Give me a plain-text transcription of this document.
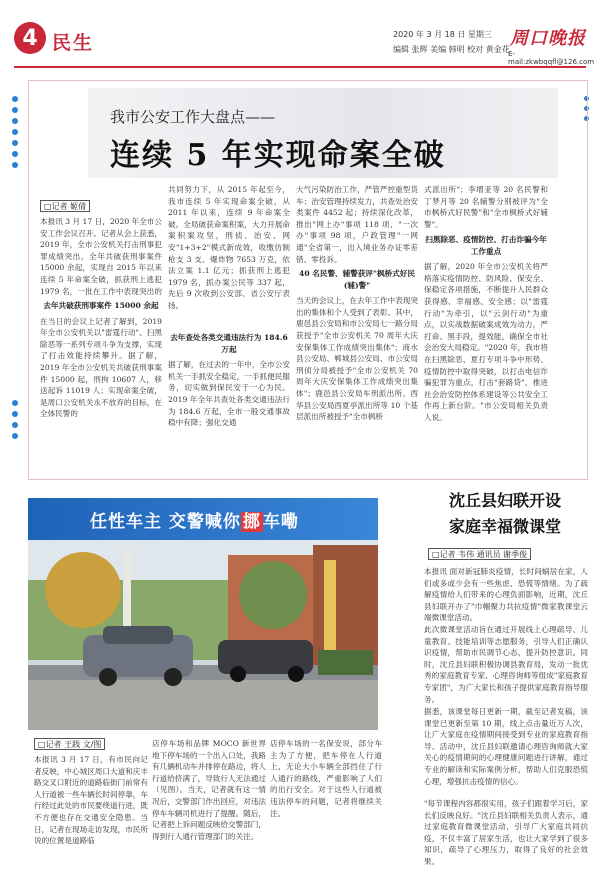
4 民生	2020 年 3 月 18 日 星期三
编辑 张辉 美编 韩明 校对 黄金花
周口晚报
E-mail:zkwbqqfl@126.com
我市公安工作大盘点——
连续 5 年实现命案全破
□记者 姬倩

本报讯 3 月 17 日，2020 年全市公安工作会议召开。记者从会上获悉，2019 年，全市公安机关打击刑事犯罪成绩突出，全年共破获刑事案件 15000 余起，实现自 2015 年以来连续 5 年命案全破，抓获刑上逃犯 1979 名，一批在工作中表现突出的

去年共破获刑事案件 15000 余起

在当日的会议上记者了解到，2019 年全市公安机关以"雷霆行动"、扫黑除恶等一系列专项斗争为支撑，实现了打击效能持续攀升。据了解，2019 年全市公安机关共破获刑事案件 15000 起，刑拘 10607 人，移送起诉 11019 人；实现命案全破，是周口公安机关永不放弃的目标，在全体民警的

共同努力下，从 2015 年起至今，我市连续 5 年实现命案全破，从 2011 年以来，连续 9 年命案全破。全局破获命案积案，大力开展命案积案攻坚，刑侦、治安、网安"1+3+2"模式新成效，收缴仿制枪支 3 支、爆炸物 7653 万克，依法立案 1.1 亿元；抓获刑上逃犯 1979 名，抓办案公民等 337 起，先后 9 次收到公安部、省公安厅表扬。

去年查处各类交通违法行为 184.6 万起

据了解，在过去的一年中，全市公安机关一手抓安全稳定，一手抓便民服务，切实做到保民安于一心为民。2019 年全年共查处各类交通违法行为 184.6 万起，全市一般交通事故稳中有降；强化交通

大气污染防治工作，严管严控重型货车；治安管理持续发力，共查处治安类案件 4452 起；持续深化改革，推出"网上办"事项 118 项、"一次办"事项 98 项，户政管理"一网通"全省第一，出入境业务办证零差错、零投诉。

40 名民警、辅警获评"枫桥式好民(辅)警"

当天的会议上，在去年工作中表现突出的集体和个人受到了表彰。其中，鹿邑县公安局和市公安局七一路分局获授予"全市公安机关 70 周年大庆安保集体工作成绩突出集体"；商水县公安局、郸城县公安局、市公安局刑侦分局被授予"全市公安机关 70 周年大庆安保集体工作成绩突出集体"；鹿邑县公安局车刑派出所、西华县公安局西夏亭派出所等 10 个基层派出所被授予"全市枫桥

式派出所"；李增亚等 20 名民警和丁梦月等 20 名辅警分别被评为"全市枫桥式好民警"和"全市枫桥式好辅警"。

扫黑除恶、疫情防控、打击诈骗今年工作重点

据了解，2020 年全市公安机关将严格落实疫情防控、防风险、保安全、保稳定各项措施，不断提升人民群众获得感、幸福感、安全感；以"雷霆行动"为牵引，以"云剑行动"为重点，以实战数据破案成效为动力，严打命、黑手段，提效能，确保全市社会治安大局稳定。"2020 年，我市将在扫黑除恶、夏打专项斗争中形势、疫情防控中取得突破，以打击电信诈骗犯罪为重点，打击"套路贷"，推进社会治安防控体系建设等公共安全工作再上新台阶。"市公安局相关负责人说。

任性车主 交警喊你 挪 车嘞
□记者 王践 文/图

本报讯 3 月 17 日，有市民向记者反映，中心城区周口大道和庆丰路交叉口附近的道路临街门前常有人行道被一些车辆长时间停靠，车行经过此处的市民要绕道行进，既不方便也存在交通安全隐患。当日，记者在现场走访发现，市民所说的位置是道路临

店停车场和品牌 MOCO 新世界地下停车场的一个出入口处，我路有几辆机动车并排停在路边，将人行道给挤满了，导致行人无法通过（见图）。当天，记者就有这一情况后，交警部门作出回应，对违法停车车辆司机进行了提醒。随后，记者把上诉问题反映给交警部门，得到行人通行管理部门的关注。

店停车场的一名保安说，部分车主为了方便，把车停在人行道上，无论大小车辆全部挡住了行人通行的路线，严重影响了人们的出行安全。对于这些人行道被违法停车的问题，记者将继续关注。

沈丘县妇联开设
家庭幸福微课堂
□记者 韦伟 通讯员 谢季俊

本报讯 面对新冠肺炎疫情，长时间蜗居在家，人们或多或少会有一些焦虑、恐慌等情绪。为了疏解疫情给人们带来的心理负面影响，近期，沈丘县妇联开办了"巾帼聚力共抗疫情"微家教课堂云端微课堂活动。

此次微课堂活动旨在通过开展线上心理疏导、儿童教育、技能培训等志愿服务，引导人们正确认识疫情，帮助市民调节心态，提升防控意识。同时，沈丘县妇联积极协调县教育局，发动一批优秀的家庭教育专家、心理咨询师等组成"家庭教育专家团"，为广大家长和孩子提供家庭教育指导服务。

据悉，该课堂每日更新一期，截至记者发稿，该课堂已更新至第 10 期，线上点击量近万人次，让广大家庭在疫情期间接受到专业的家庭教育指导。活动中，沈丘县妇联邀请心理咨询师就大家关心的疫情期间的心理健康问题进行讲解，通过专业的解读和实际案例分析，帮助人们克服恐慌心理，增强抗击疫情的信心。

"每节课程内容都很实用，孩子们跟着学习后，家长们反映良好。"沈丘县妇联相关负责人表示，通过家庭教育微课堂活动，引导广大家庭共同抗疫，不仅丰富了居家生活，也让大家学到了很多知识，疏导了心理压力，取得了良好的社会效果。
